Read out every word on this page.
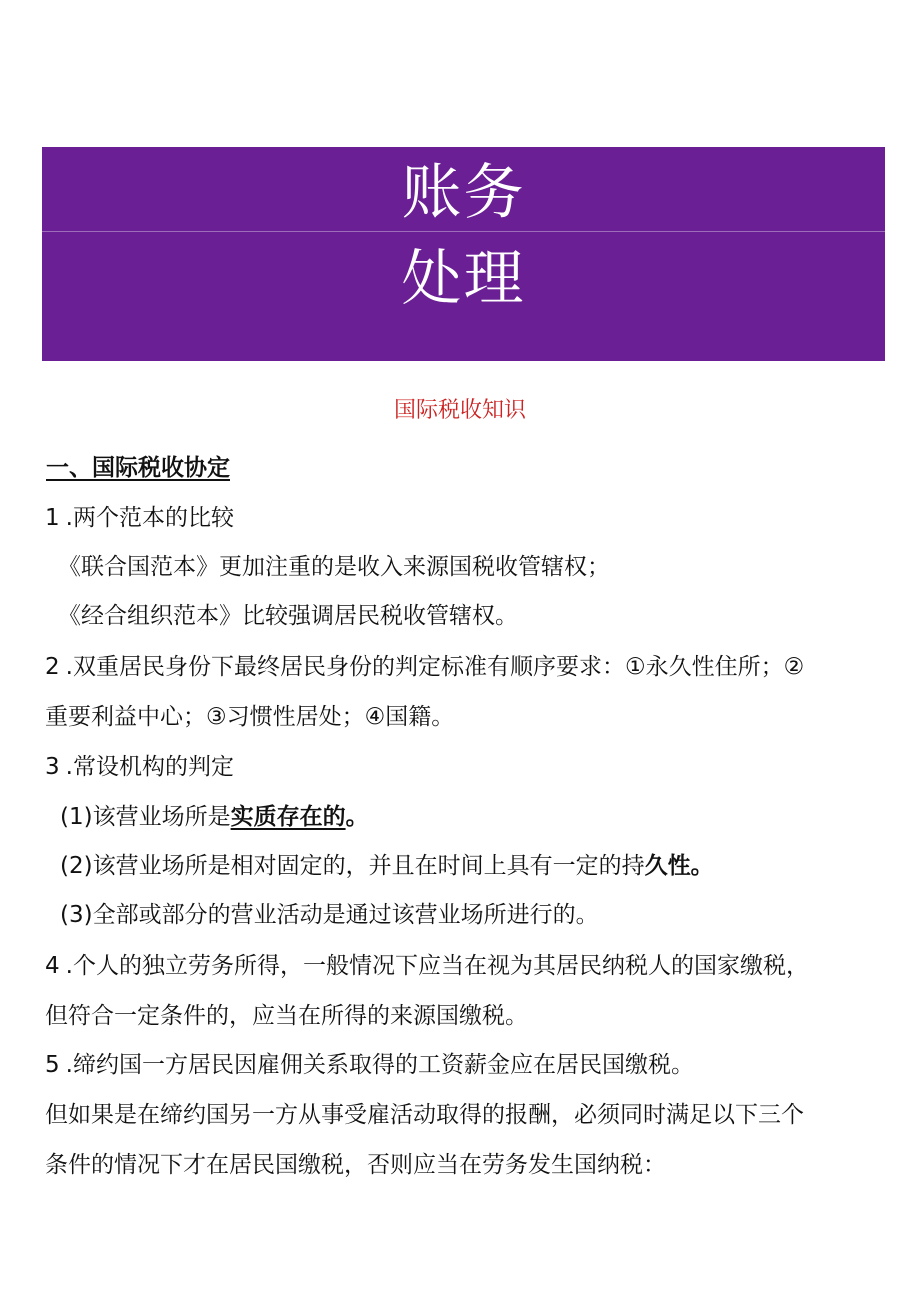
账务
处理
国际税收知识
一、国际税收协定
1.两个范本的比较
《联合国范本》更加注重的是收入来源国税收管辖权；
《经合组织范本》比较强调居民税收管辖权。
2.双重居民身份下最终居民身份的判定标准有顺序要求：①永久性住所；②
重要利益中心；③习惯性居处；④国籍。
3.常设机构的判定
(1)该营业场所是实质存在的。
(2)该营业场所是相对固定的，并且在时间上具有一定的持久性。
(3)全部或部分的营业活动是通过该营业场所进行的。
4.个人的独立劳务所得，一般情况下应当在视为其居民纳税人的国家缴税，
但符合一定条件的，应当在所得的来源国缴税。
5.缔约国一方居民因雇佣关系取得的工资薪金应在居民国缴税。
但如果是在缔约国另一方从事受雇活动取得的报酬，必须同时满足以下三个
条件的情况下才在居民国缴税，否则应当在劳务发生国纳税：
